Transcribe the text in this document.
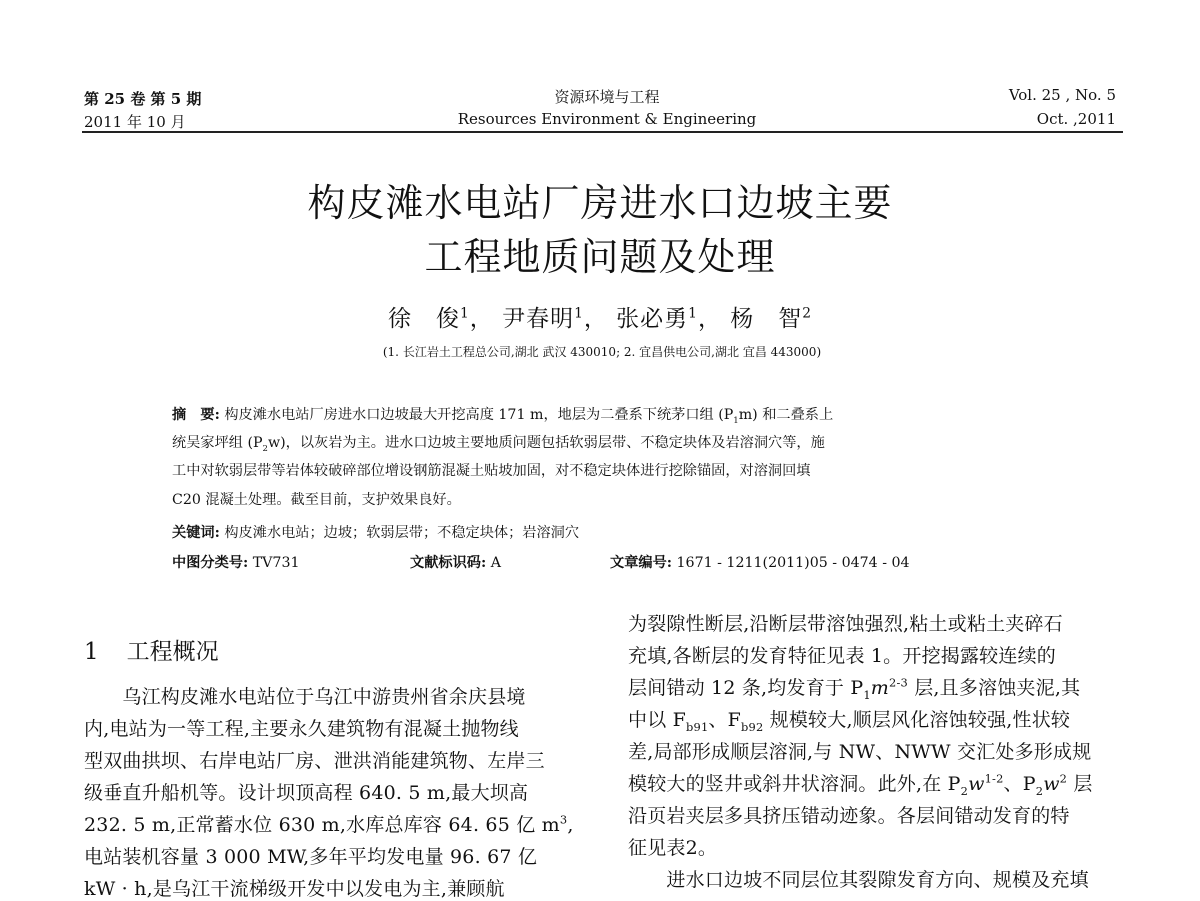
第 25 卷 第 5 期
2011 年 10 月
资源环境与工程
Resources Environment & Engineering
Vol. 25 , No. 5
Oct. ,2011
构皮滩水电站厂房进水口边坡主要
工程地质问题及处理
徐　俊$^1$， 尹春明$^1$， 张必勇$^1$， 杨　智$^2$
(1. 长江岩土工程总公司,湖北 武汉 430010; 2. 宜昌供电公司,湖北 宜昌 443000)
摘　要: 构皮滩水电站厂房进水口边坡最大开挖高度 171 m，地层为二叠系下统茅口组 $(P_1m)$ 和二叠系上
统吴家坪组 $(P_2w)$，以灰岩为主。进水口边坡主要地质问题包括软弱层带、不稳定块体及岩溶洞穴等，施
工中对软弱层带等岩体较破碎部位增设钢筋混凝土贴坡加固，对不稳定块体进行挖除锚固，对溶洞回填
C20 混凝土处理。截至目前，支护效果良好。
关键词: 构皮滩水电站；边坡；软弱层带；不稳定块体；岩溶洞穴
中图分类号: TV731	文献标识码: A	文章编号: 1671 - 1211(2011)05 - 0474 - 04
1 工程概况
　　乌江构皮滩水电站位于乌江中游贵州省余庆县境
内,电站为一等工程,主要永久建筑物有混凝土抛物线
型双曲拱坝、右岸电站厂房、泄洪消能建筑物、左岸三
级垂直升船机等。设计坝顶高程 640. 5 m,最大坝高
232. 5 m,正常蓄水位 630 m,水库总库容 64. 65 亿 $m^3$,
电站装机容量 3 000 MW,多年平均发电量 96. 67 亿
kW · h,是乌江干流梯级开发中以发电为主,兼顾航
为裂隙性断层,沿断层带溶蚀强烈,粘土或粘土夹碎石
充填,各断层的发育特征见表 1。开挖揭露较连续的
层间错动 12 条,均发育于 $P_1m^{2-3}$ 层,且多溶蚀夹泥,其
中以 $F_{b91}$、$F_{b92}$ 规模较大,顺层风化溶蚀较强,性状较
差,局部形成顺层溶洞,与 NW、NWW 交汇处多形成规
模较大的竖井或斜井状溶洞。此外,在 $P_2w^{1-2}$、$P_2w^2$ 层
沿页岩夹层多具挤压错动迹象。各层间错动发育的特
征见表2。
　　进水口边坡不同层位其裂隙发育方向、规模及充填
